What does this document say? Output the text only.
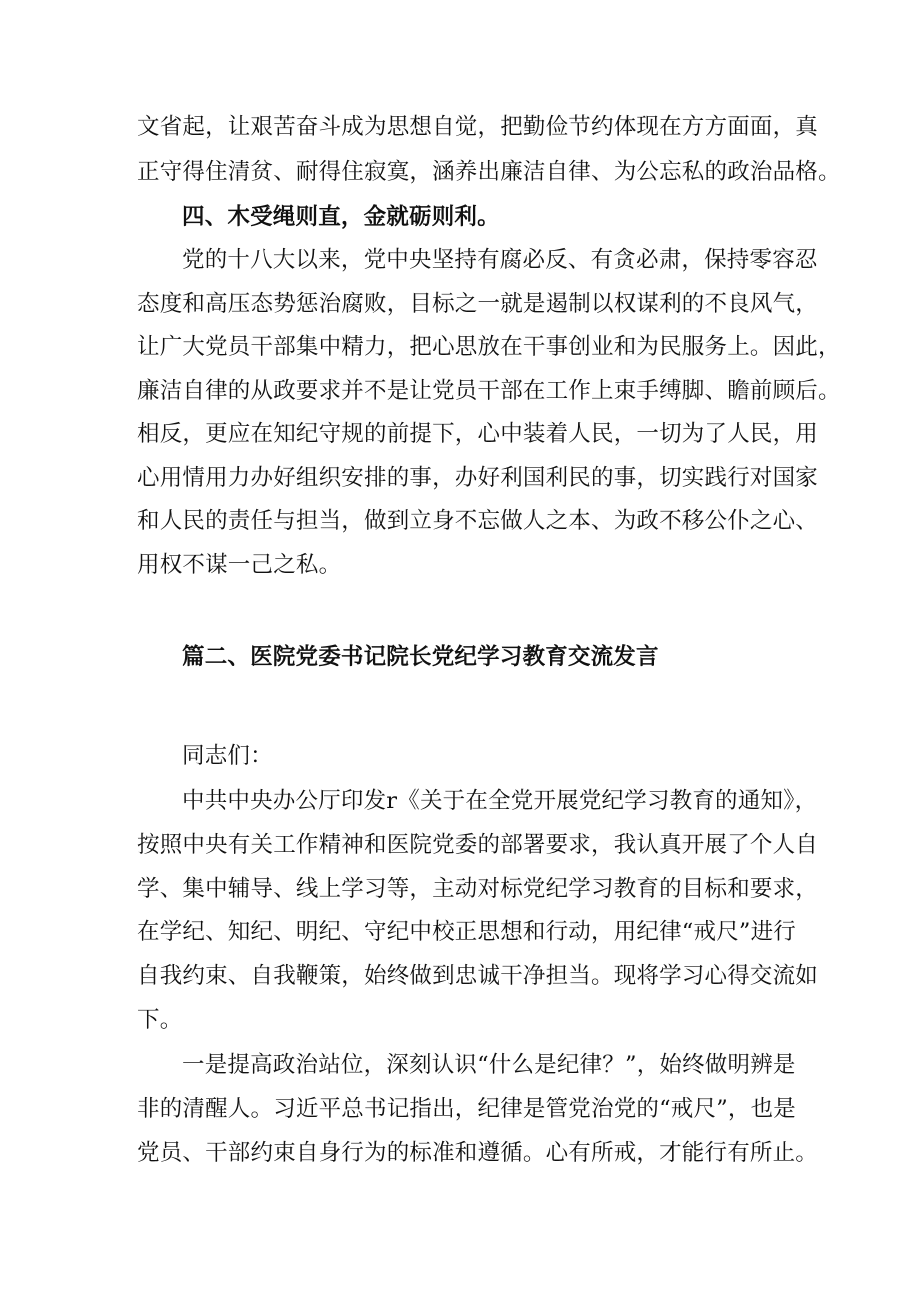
文省起，让艰苦奋斗成为思想自觉，把勤俭节约体现在方方面面，真
正守得住清贫、耐得住寂寞，涵养出廉洁自律、为公忘私的政治品格。
四、木受绳则直，金就砺则利。
党的十八大以来，党中央坚持有腐必反、有贪必肃，保持零容忍
态度和高压态势惩治腐败，目标之一就是遏制以权谋利的不良风气，
让广大党员干部集中精力，把心思放在干事创业和为民服务上。因此，
廉洁自律的从政要求并不是让党员干部在工作上束手缚脚、瞻前顾后。
相反，更应在知纪守规的前提下，心中装着人民，一切为了人民，用
心用情用力办好组织安排的事，办好利国利民的事，切实践行对国家
和人民的责任与担当，做到立身不忘做人之本、为政不移公仆之心、
用权不谋一己之私。
篇二、医院党委书记院长党纪学习教育交流发言
同志们：
中共中央办公厅印发r《关于在全党开展党纪学习教育的通知》，
按照中央有关工作精神和医院党委的部署要求，我认真开展了个人自
学、集中辅导、线上学习等，主动对标党纪学习教育的目标和要求，
在学纪、知纪、明纪、守纪中校正思想和行动，用纪律“戒尺”进行
自我约束、自我鞭策，始终做到忠诚干净担当。现将学习心得交流如
下。
一是提高政治站位，深刻认识“什么是纪律？”，始终做明辨是
非的清醒人。习近平总书记指出，纪律是管党治党的“戒尺”，也是
党员、干部约束自身行为的标准和遵循。心有所戒，才能行有所止。
